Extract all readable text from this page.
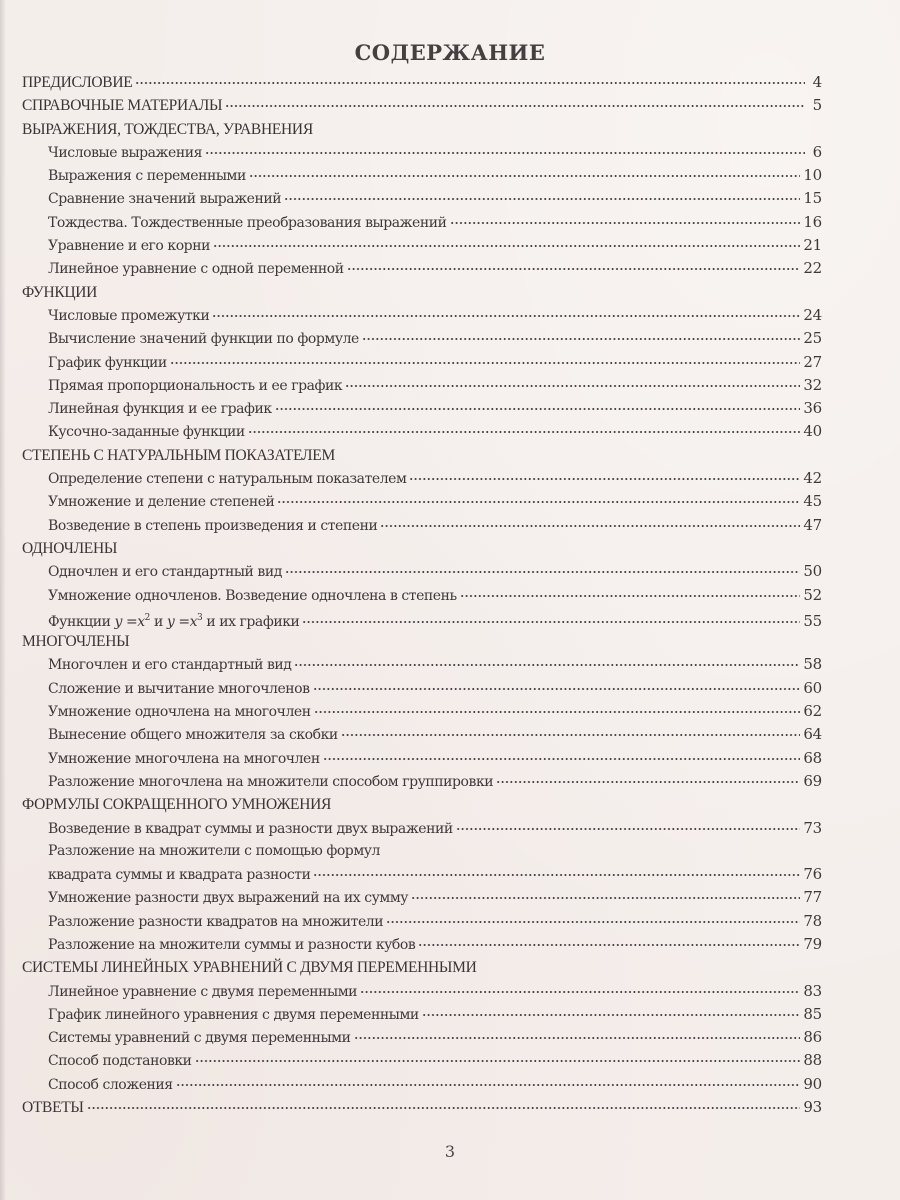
СОДЕРЖАНИЕ
ПРЕДИСЛОВИЕ	4
СПРАВОЧНЫЕ МАТЕРИАЛЫ	5
ВЫРАЖЕНИЯ, ТОЖДЕСТВА, УРАВНЕНИЯ
Числовые выражения	6
Выражения с переменными	10
Сравнение значений выражений	15
Тождества. Тождественные преобразования выражений	16
Уравнение и его корни	21
Линейное уравнение с одной переменной	22
ФУНКЦИИ
Числовые промежутки	24
Вычисление значений функции по формуле	25
График функции	27
Прямая пропорциональность и ее график	32
Линейная функция и ее график	36
Кусочно-заданные функции	40
СТЕПЕНЬ С НАТУРАЛЬНЫМ ПОКАЗАТЕЛЕМ
Определение степени с натуральным показателем	42
Умножение и деление степеней	45
Возведение в степень произведения и степени	47
ОДНОЧЛЕНЫ
Одночлен и его стандартный вид	50
Умножение одночленов. Возведение одночлена в степень	52
Функции $y =x^2$ и $y =x^3$ и их графики	55
МНОГОЧЛЕНЫ
Многочлен и его стандартный вид	58
Сложение и вычитание многочленов	60
Умножение одночлена на многочлен	62
Вынесение общего множителя за скобки	64
Умножение многочлена на многочлен	68
Разложение многочлена на множители способом группировки	69
ФОРМУЛЫ СОКРАЩЕННОГО УМНОЖЕНИЯ
Возведение в квадрат суммы и разности двух выражений	73
Разложение на множители с помощью формул
квадрата суммы и квадрата разности	76
Умножение разности двух выражений на их сумму	77
Разложение разности квадратов на множители	78
Разложение на множители суммы и разности кубов	79
СИСТЕМЫ ЛИНЕЙНЫХ УРАВНЕНИЙ С ДВУМЯ ПЕРЕМЕННЫМИ
Линейное уравнение с двумя переменными	83
График линейного уравнения с двумя переменными	85
Системы уравнений с двумя переменными	86
Способ подстановки	88
Способ сложения	90
ОТВЕТЫ	93
3
